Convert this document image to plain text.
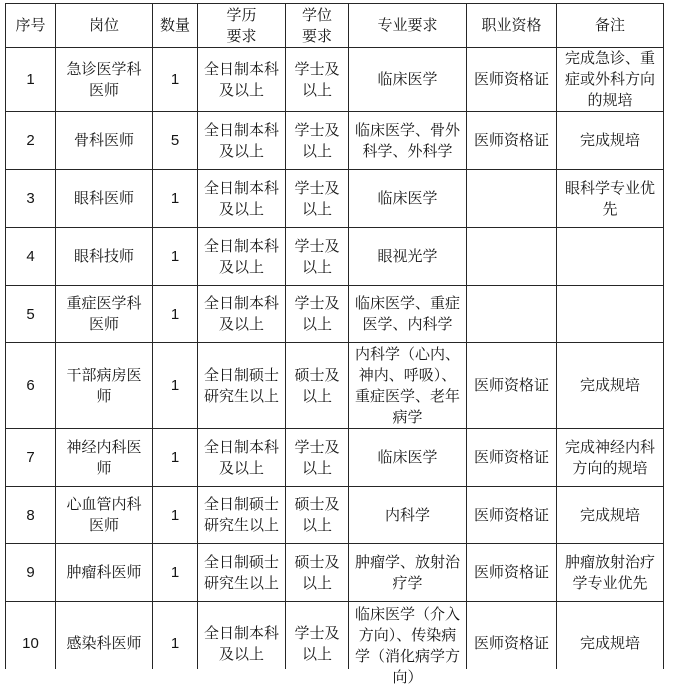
序号	岗位	数量	学历要求	学位要求	专业要求	职业资格	备注

1	急诊医学科医师	1	全日制本科及以上	学士及以上	临床医学	医师资格证	完成急诊、重症或外科方向的规培

2	骨科医师	5	全日制本科及以上	学士及以上	临床医学、骨外科学、外科学	医师资格证	完成规培

3	眼科医师	1	全日制本科及以上	学士及以上	临床医学		眼科学专业优先

4	眼科技师	1	全日制本科及以上	学士及以上	眼视光学		

5	重症医学科医师	1	全日制本科及以上	学士及以上	临床医学、重症医学、内科学		

6	干部病房医师	1	全日制硕士研究生以上	硕士及以上	内科学（心内、神内、呼吸）、重症医学、老年病学	医师资格证	完成规培

7	神经内科医师	1	全日制本科及以上	学士及以上	临床医学	医师资格证	完成神经内科方向的规培

8	心血管内科医师	1	全日制硕士研究生以上	硕士及以上	内科学	医师资格证	完成规培

9	肿瘤科医师	1	全日制硕士研究生以上	硕士及以上	肿瘤学、放射治疗学	医师资格证	肿瘤放射治疗学专业优先

10	感染科医师	1	全日制本科及以上	学士及以上	临床医学（介入方向）、传染病学（消化病学方向）	医师资格证	完成规培
